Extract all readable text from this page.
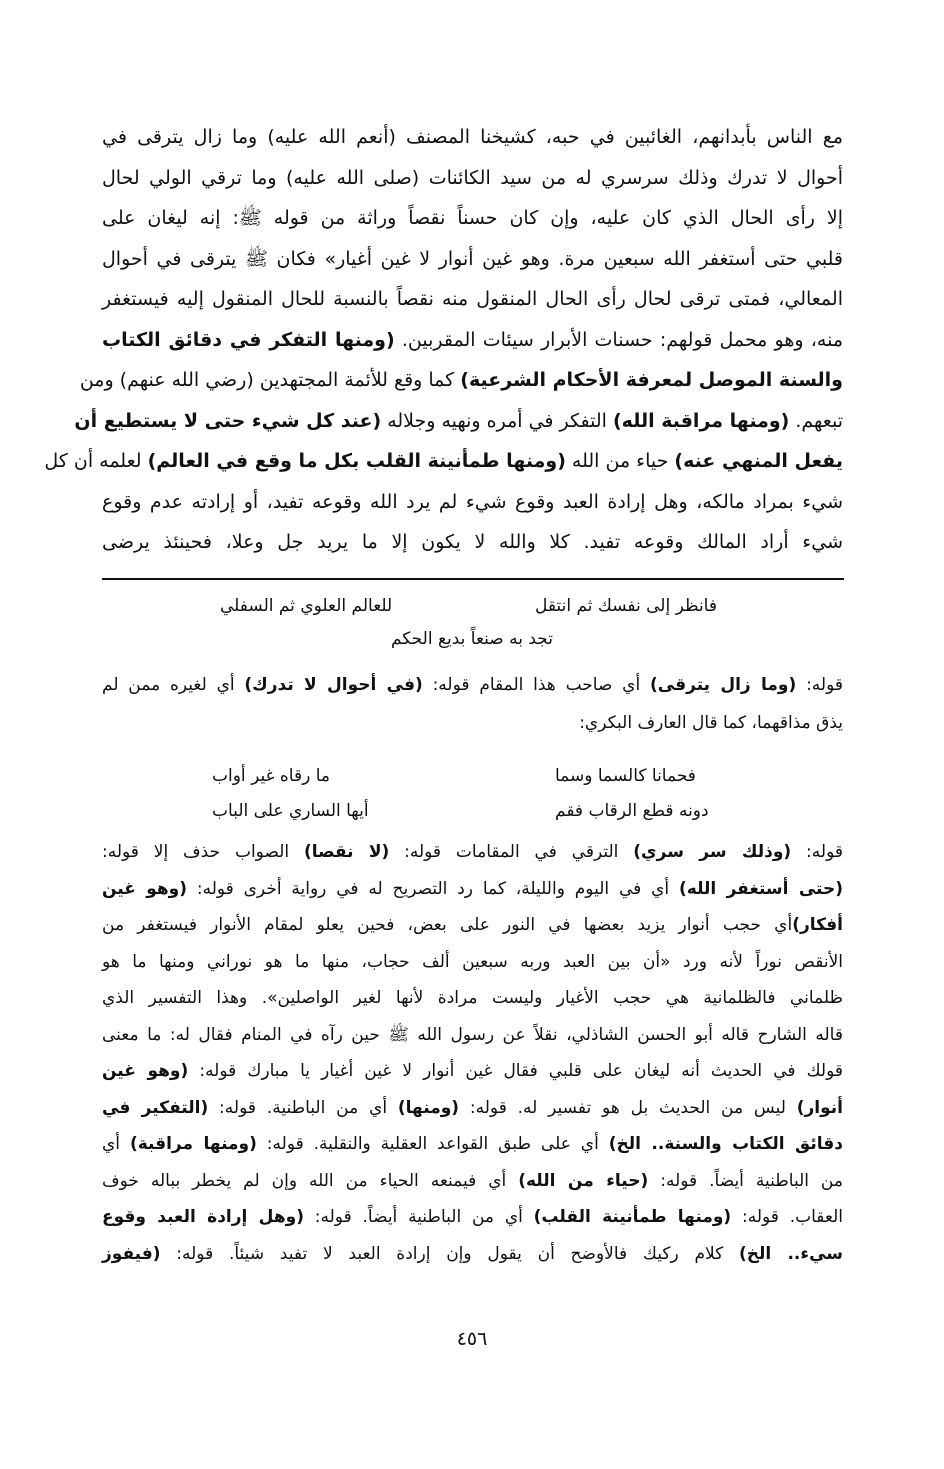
مع الناس بأبدانهم، الغائبين في حبه، كشيخنا المصنف (أنعم الله عليه) وما زال يترقى في
أحوال لا تدرك وذلك سرسري له من سيد الكائنات (صلى الله عليه) وما ترقي الولي لحال
إلا رأى الحال الذي كان عليه، وإن كان حسناً نقصاً وراثة من قوله ﷺ: إنه ليغان على
قلبي حتى أستغفر الله سبعين مرة. وهو غين أنوار لا غين أغيار» فكان ﷺ يترقى في أحوال
المعالي، فمتى ترقى لحال رأى الحال المنقول منه نقصاً بالنسبة للحال المنقول إليه فيستغفر
منه، وهو محمل قولهم: حسنات الأبرار سيئات المقربين. (ومنها التفكر في دقائق الكتاب
والسنة الموصل لمعرفة الأحكام الشرعية) كما وقع للأئمة المجتهدين (رضي الله عنهم) ومن
تبعهم. (ومنها مراقبة الله) التفكر في أمره ونهيه وجلاله (عند كل شيء حتى لا يستطيع أن
يفعل المنهي عنه) حياء من الله (ومنها طمأنينة القلب بكل ما وقع في العالم) لعلمه أن كل
شيء بمراد مالكه، وهل إرادة العبد وقوع شيء لم يرد الله وقوعه تفيد، أو إرادته عدم وقوع
شيء أراد المالك وقوعه تفيد. كلا والله لا يكون إلا ما يريد جل وعلا، فحينئذ يرضى
فانظر إلى نفسك ثم انتقل
للعالم العلوي ثم السفلي
تجد به صنعاً بديع الحكم
قوله: (وما زال يترقى) أي صاحب هذا المقام قوله: (في أحوال لا تدرك) أي لغيره ممن لم
يذق مذاقهما، كما قال العارف البكري:
فحمانا كالسما وسما
ما رقاه غير أواب
دونه قطع الرقاب فقم
أيها الساري على الباب
قوله: (وذلك سر سري) الترقي في المقامات قوله: (لا نقصا) الصواب حذف إلا قوله:
(حتى أستغفر الله) أي في اليوم والليلة، كما رد التصريح له في رواية أخرى قوله: (وهو غين
أفكار)أي حجب أنوار يزيد بعضها في النور على بعض، فحين يعلو لمقام الأنوار فيستغفر من
الأنقص نوراً لأنه ورد «أن بين العبد وربه سبعين ألف حجاب، منها ما هو نوراني ومنها ما هو
ظلماني فالظلمانية هي حجب الأغيار وليست مرادة لأنها لغير الواصلين». وهذا التفسير الذي
قاله الشارح قاله أبو الحسن الشاذلي، نقلاً عن رسول الله ﷺ حين رآه في المنام فقال له: ما معنى
قولك في الحديث أنه ليغان على قلبي فقال غين أنوار لا غين أغيار يا مبارك قوله: (وهو غين
أنوار) ليس من الحديث بل هو تفسير له. قوله: (ومنها) أي من الباطنية. قوله: (التفكير في
دقائق الكتاب والسنة.. الخ) أي على طبق القواعد العقلية والنقلية. قوله: (ومنها مراقبة) أي
من الباطنية أيضاً. قوله: (حياء من الله) أي فيمنعه الحياء من الله وإن لم يخطر بباله خوف
العقاب. قوله: (ومنها طمأنينة القلب) أي من الباطنية أيضاً. قوله: (وهل إرادة العبد وقوع
سيء.. الخ) كلام ركيك فالأوضح أن يقول وإن إرادة العبد لا تفيد شيئاً. قوله: (فيفوز
٤٥٦
